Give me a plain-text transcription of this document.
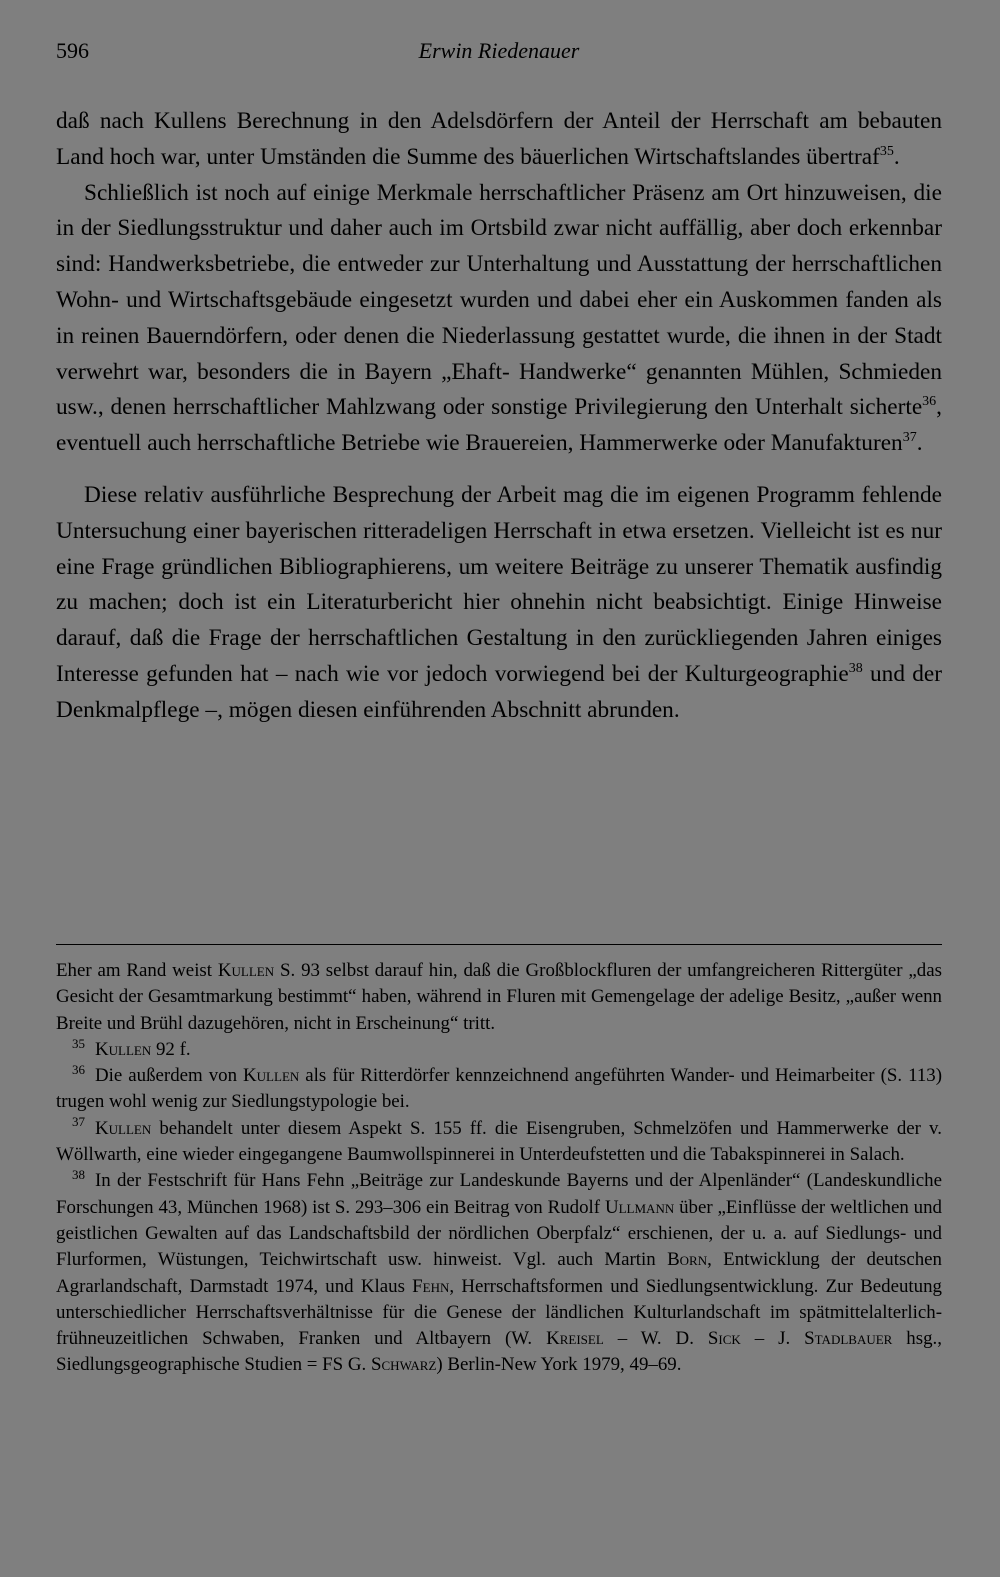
596	Erwin Riedenauer

daß nach Kullens Berechnung in den Adelsdörfern der Anteil der Herrschaft am bebauten Land hoch war, unter Umständen die Summe des bäuerlichen Wirtschaftslandes übertraf$^{35}$.

Schließlich ist noch auf einige Merkmale herrschaftlicher Präsenz am Ort hinzuweisen, die in der Siedlungsstruktur und daher auch im Ortsbild zwar nicht auffällig, aber doch erkennbar sind: Handwerksbetriebe, die entweder zur Unterhaltung und Ausstattung der herrschaftlichen Wohn- und Wirtschaftsgebäude eingesetzt wurden und dabei eher ein Auskommen fanden als in reinen Bauerndörfern, oder denen die Niederlassung gestattet wurde, die ihnen in der Stadt verwehrt war, besonders die in Bayern „Ehaft- Handwerke“ genannten Mühlen, Schmieden usw., denen herrschaftlicher Mahlzwang oder sonstige Privilegierung den Unterhalt sicherte$^{36}$, eventuell auch herrschaftliche Betriebe wie Brauereien, Hammerwerke oder Manufakturen$^{37}$.

Diese relativ ausführliche Besprechung der Arbeit mag die im eigenen Programm fehlende Untersuchung einer bayerischen ritteradeligen Herrschaft in etwa ersetzen. Vielleicht ist es nur eine Frage gründlichen Bibliographierens, um weitere Beiträge zu unserer Thematik ausfindig zu machen; doch ist ein Literaturbericht hier ohnehin nicht beabsichtigt. Einige Hinweise darauf, daß die Frage der herrschaftlichen Gestaltung in den zurückliegenden Jahren einiges Interesse gefunden hat – nach wie vor jedoch vorwiegend bei der Kulturgeographie$^{38}$ und der Denkmalpflege –, mögen diesen einführenden Abschnitt abrunden.

Eher am Rand weist Kullen S. 93 selbst darauf hin, daß die Großblockfluren der umfangreicheren Rittergüter „das Gesicht der Gesamtmarkung bestimmt“ haben, während in Fluren mit Gemengelage der adelige Besitz, „außer wenn Breite und Brühl dazugehören, nicht in Erscheinung“ tritt.

$^{35}$ Kullen 92 f.

$^{36}$ Die außerdem von Kullen als für Ritterdörfer kennzeichnend angeführten Wander- und Heimarbeiter (S. 113) trugen wohl wenig zur Siedlungstypologie bei.

$^{37}$ Kullen behandelt unter diesem Aspekt S. 155 ff. die Eisengruben, Schmelzöfen und Hammerwerke der v. Wöllwarth, eine wieder eingegangene Baumwollspinnerei in Unterdeufstetten und die Tabakspinnerei in Salach.

$^{38}$ In der Festschrift für Hans Fehn „Beiträge zur Landeskunde Bayerns und der Alpenländer“ (Landeskundliche Forschungen 43, München 1968) ist S. 293–306 ein Beitrag von Rudolf Ullmann über „Einflüsse der weltlichen und geistlichen Gewalten auf das Landschaftsbild der nördlichen Oberpfalz“ erschienen, der u. a. auf Siedlungs- und Flurformen, Wüstungen, Teichwirtschaft usw. hinweist. Vgl. auch Martin Born, Entwicklung der deutschen Agrarlandschaft, Darmstadt 1974, und Klaus Fehn, Herrschaftsformen und Siedlungsentwicklung. Zur Bedeutung unterschiedlicher Herrschaftsverhältnisse für die Genese der ländlichen Kulturlandschaft im spätmittelalterlich-frühneuzeitlichen Schwaben, Franken und Altbayern (W. Kreisel – W. D. Sick – J. Stadlbauer hsg., Siedlungsgeographische Studien = FS G. Schwarz) Berlin-New York 1979, 49–69.
